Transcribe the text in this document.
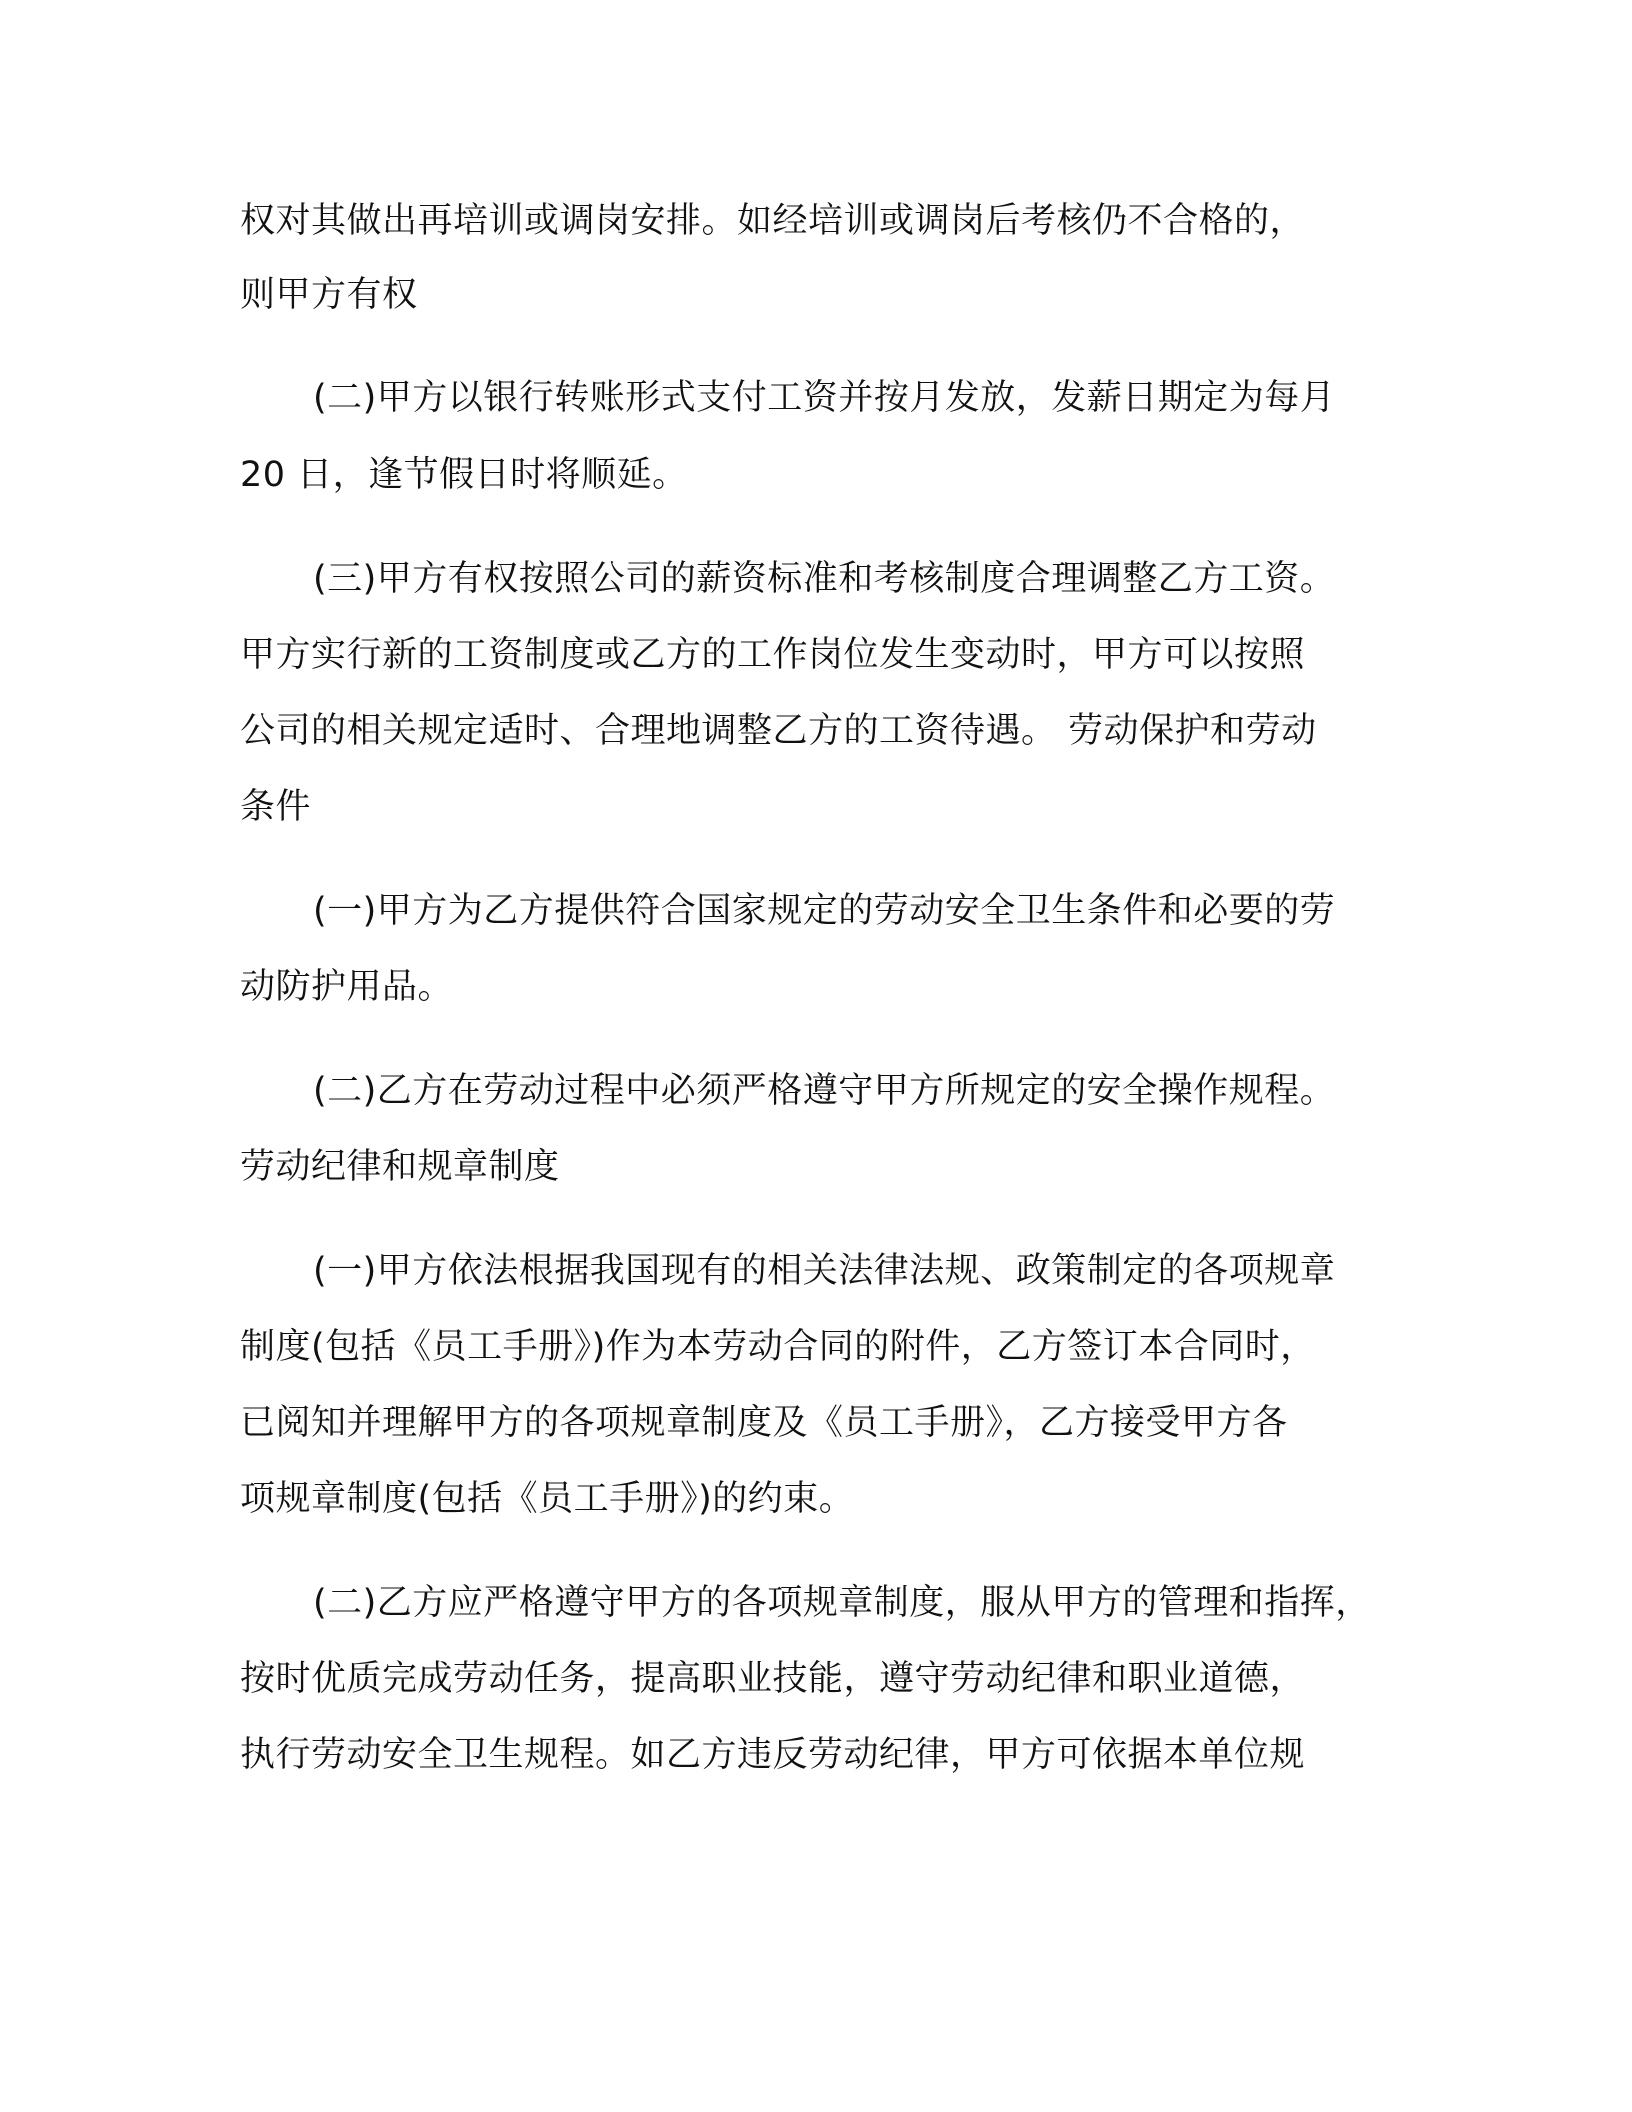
权对其做出再培训或调岗安排。如经培训或调岗后考核仍不合格的，
则甲方有权
(二)甲方以银行转账形式支付工资并按月发放，发薪日期定为每月
20 日，逢节假日时将顺延。
(三)甲方有权按照公司的薪资标准和考核制度合理调整乙方工资。
甲方实行新的工资制度或乙方的工作岗位发生变动时，甲方可以按照
公司的相关规定适时、合理地调整乙方的工资待遇。 劳动保护和劳动
条件
(一)甲方为乙方提供符合国家规定的劳动安全卫生条件和必要的劳
动防护用品。
(二)乙方在劳动过程中必须严格遵守甲方所规定的安全操作规程。
劳动纪律和规章制度
(一)甲方依法根据我国现有的相关法律法规、政策制定的各项规章
制度(包括《员工手册》)作为本劳动合同的附件，乙方签订本合同时，
已阅知并理解甲方的各项规章制度及《员工手册》，乙方接受甲方各
项规章制度(包括《员工手册》)的约束。
(二)乙方应严格遵守甲方的各项规章制度，服从甲方的管理和指挥，
按时优质完成劳动任务，提高职业技能，遵守劳动纪律和职业道德，
执行劳动安全卫生规程。如乙方违反劳动纪律，甲方可依据本单位规
